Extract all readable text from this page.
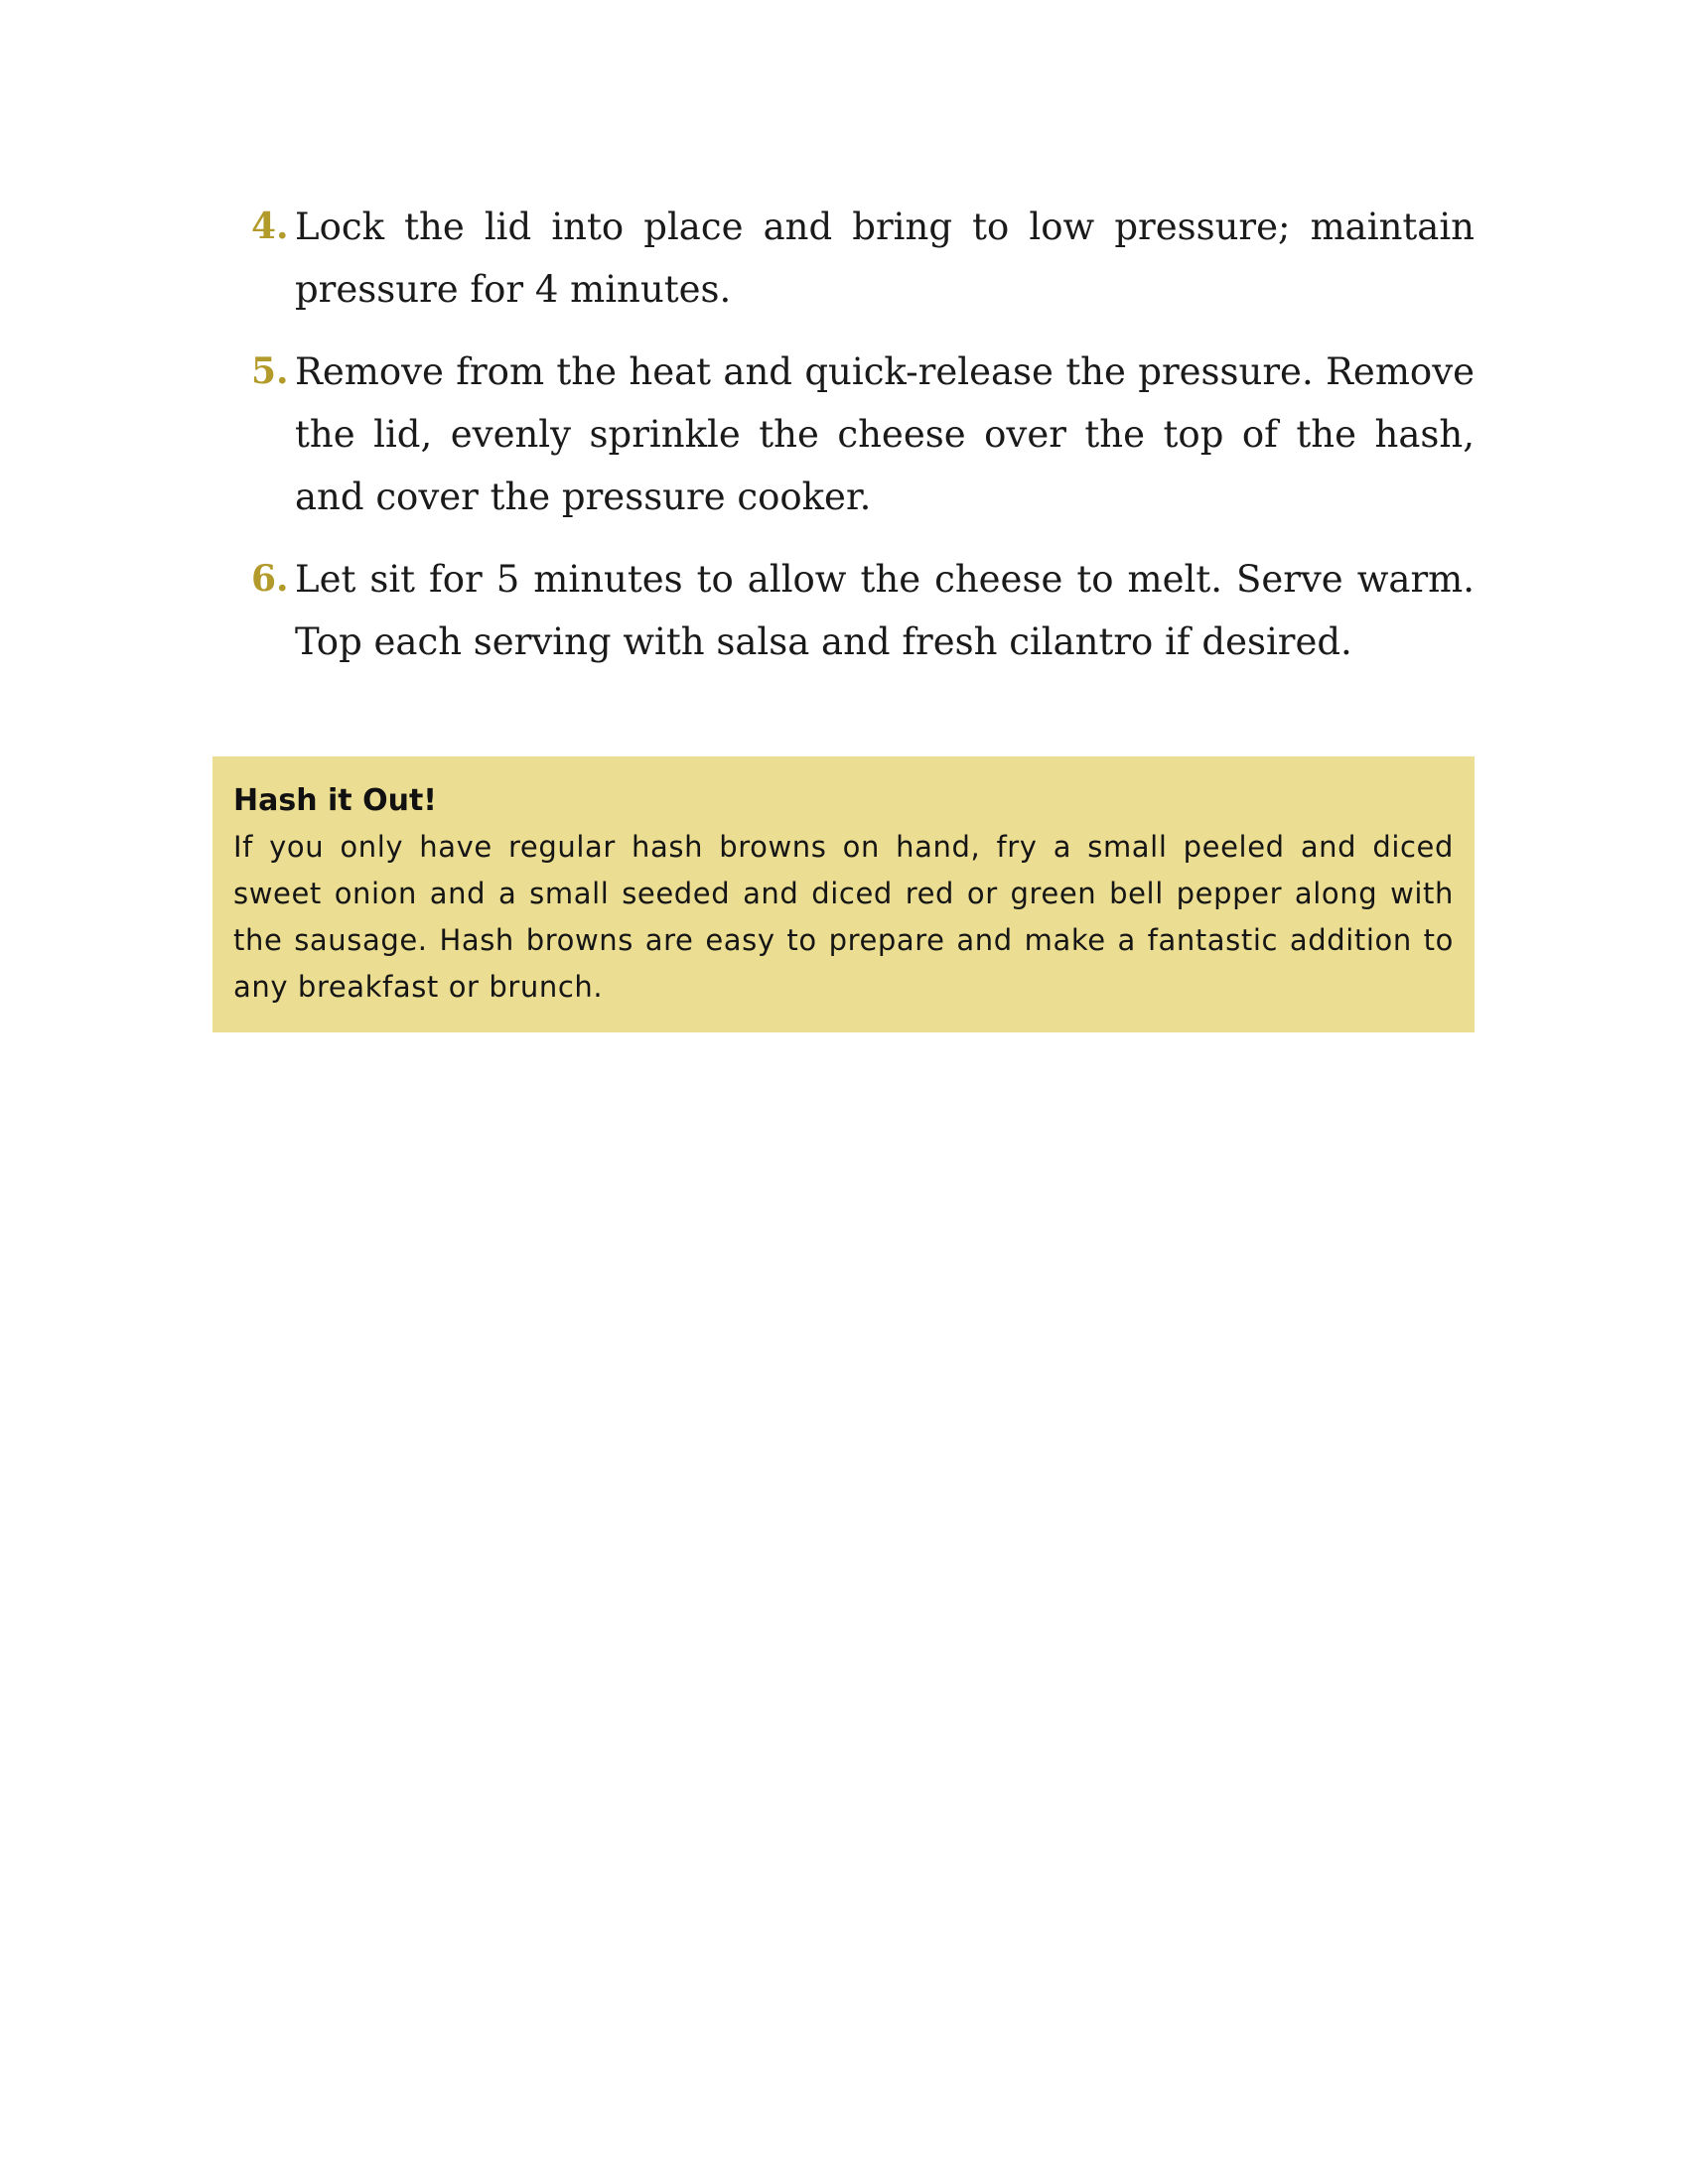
4. Lock the lid into place and bring to low pressure; maintain pressure for 4 minutes.
5. Remove from the heat and quick-release the pressure. Remove the lid, evenly sprinkle the cheese over the top of the hash, and cover the pressure cooker.
6. Let sit for 5 minutes to allow the cheese to melt. Serve warm. Top each serving with salsa and fresh cilantro if desired.

Hash it Out!

If you only have regular hash browns on hand, fry a small peeled and diced sweet onion and a small seeded and diced red or green bell pepper along with the sausage. Hash browns are easy to prepare and make a fantastic addition to any breakfast or brunch.
